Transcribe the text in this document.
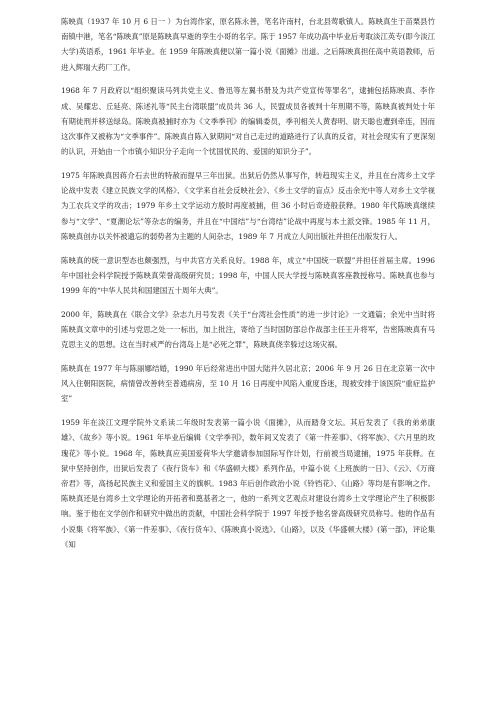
陈映真（1937 年 10 月 6 日一 ）为台湾作家，原名陈永善，笔名许南村，台北县莺歌镇人。陈映真生于苗栗县竹南镇中港，笔名“陈映真”原是陈映真早逝的孪生小哥的名字。陈于 1957 年成功高中毕业后考取淡江英专(即今淡江大学)英语系，1961 年毕业。在 1959 年陈映真便以第一篇小说《面摊》出道。之后陈映真担任高中英语教师，后进入辉瑞大药厂工作。

1968 年 7 月政府以“组织聚读马列共党主义、鲁迅等左翼书册及为共产党宣传等罪名”，逮捕包括陈映真、李作成、吴耀忠、丘延亮、陈述礼等“民主台湾联盟”成员共 36 人，民盟成员各被判十年刑期不等，陈映真被判处十年有期徒刑并移送绿岛。陈映真被捕时亦为《文季季刊》的编辑委员，季刊相关人黄春明、尉天聪也遭到牵连，因而这次事件又被称为“文季事件”。陈映真自陈入狱期间“对自己走过的道路进行了认真的反省，对社会现实有了更深刻的认识，开始由一个市镇小知识分子走向一个忧国忧民的、爱国的知识分子”。

1975 年陈映真因蒋介石去世的特赦而提早三年出狱。出狱后仍然从事写作，转趋现实主义，并且在台湾乡土文学论战中发表《建立民族文学的风格》、《文学来自社会反映社会》、《乡土文学的盲点》反击余光中等人对乡土文学视为工农兵文学的攻击；1979 年乡土文学运动方殷时再度被捕，但 36 小时后奇迹般获释。1980 年代陈映真继续参与“文学”、“夏潮论坛”等杂志的编务，并且在“中国结”与“台湾结”论战中再度与本土派交锋。1985 年 11 月，陈映真创办以关怀被遗忘的弱势者为主题的人间杂志，1989 年 7 月成立人间出版社并担任出版发行人。

陈映真的统一意识型态也颇强烈，与中共官方关系良好。1988 年，成立“中国统一联盟”并担任首届主席。1996 年中国社会科学院授予陈映真荣誉高级研究员；1998 年，中国人民大学授与陈映真客座教授称号。陈映真也参与 1999 年的“中华人民共和国建国五十周年大典”。

2000 年，陈映真在《联合文学》杂志九月号发表《关于“台湾社会性质”的进一步讨论》一文通篇；余光中当时将陈映真文章中的引述与党思之处一一标出，加上批注，寄给了当时国防部总作战部主任王升将军，告密陈映真有马克思主义的思想。这在当时戒严的台湾岛上是“必死之罪”，陈映真侥幸躲过这场灾祸。

陈映真在 1977 年与陈丽娜结婚，1990 年后经常进出中国大陆并久居北京；2006 年 9 月 26 日在北京第一次中风入住朝阳医院，病情曾改善转至普通病房，至 10 月 16 日再度中风陷入重度昏迷，现被安排于该医院“重症监护室”

1959 年在淡江文理学院外文系读二年级时发表第一篇小说《面摊》，从而踏身文坛。其后发表了《我的弟弟康雄》、《故乡》等小说。1961 年毕业后编辑《文学季刊》，数年间又发表了《第一件差事》、《将军族》、《六月里的玫瑰花》等小说。1968 年，陈映真应美国爱荷华大学邀请参加国际写作计划，行前被当局逮捕，1975 年获释。在狱中坚持创作，出狱后发表了《夜行货车》和《华盛顿大楼》系列作品，中篇小说《上班族的一日》、《云》、《万商帝君》等，高扬起民族主义和爱国主义的旗帜。1983 年后创作政治小说《铃铛花》、《山路》等均是有影响之作。陈映真还是台湾乡土文学理论的开拓者和奠基者之一，他的一系列文艺观点对建设台湾乡土文学理论产生了积极影响。鉴于他在文学创作和研究中做出的贡献，中国社会科学院于 1997 年授予他名誉高级研究员称号。他的作品有小说集《将军族》、《第一件差事》、《夜行货车》、《陈映真小说选》、《山路》，以及《华盛顿大楼》(第一部)，评论集《知
